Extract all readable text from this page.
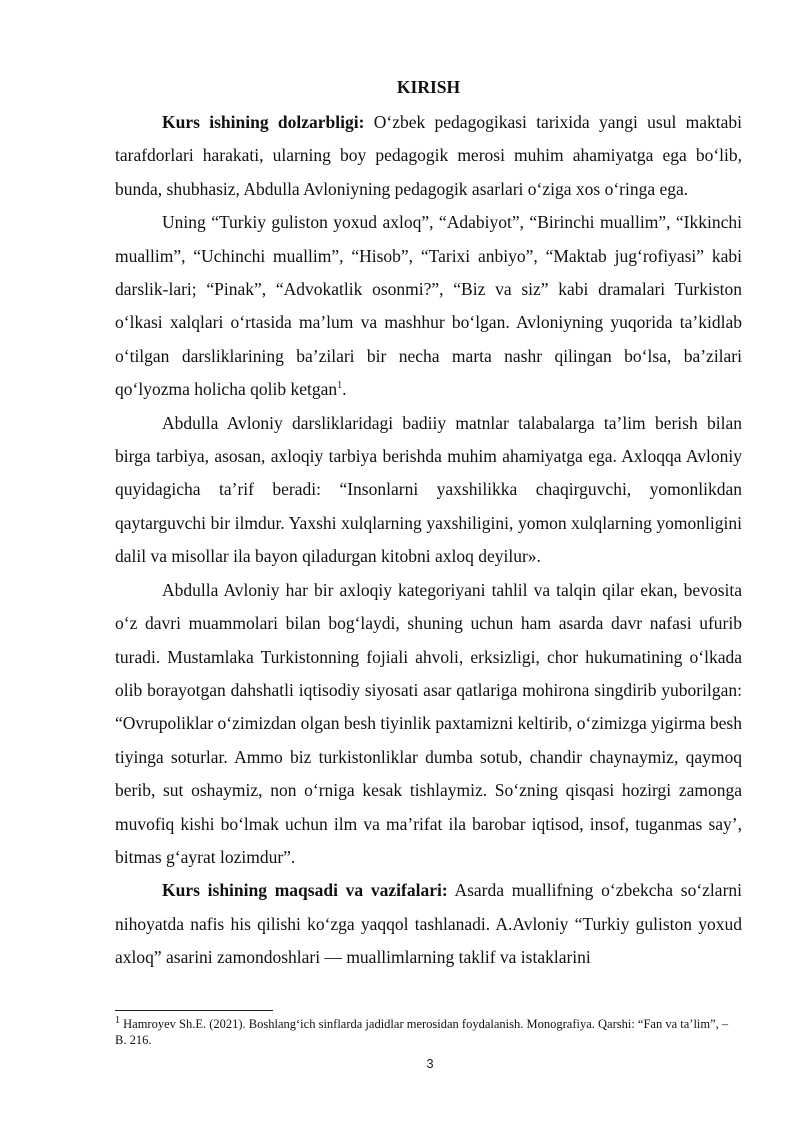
KIRISH

Kurs ishining dolzarbligi: O‘zbek pedagogikasi tarixida yangi usul maktabi tarafdorlari harakati, ularning boy pedagogik merosi muhim ahamiyatga ega bo‘lib, bunda, shubhasiz, Abdulla Avloniyning pedagogik asarlari o‘ziga xos o‘ringa ega.

Uning “Turkiy guliston yoxud axloq”, “Adabiyot”, “Birinchi muallim”, “Ikkinchi muallim”, “Uchinchi muallim”, “Hisob”, “Tarixi anbiyo”, “Maktab jug‘rofiyasi” kabi darslik-lari; “Pinak”, “Advokatlik osonmi?”, “Biz va siz” kabi dramalari Turkiston o‘lkasi xalqlari o‘rtasida ma’lum va mashhur bo‘lgan. Avloniyning yuqorida ta’kidlab o‘tilgan darsliklarining ba’zilari bir necha marta nashr qilingan bo‘lsa, ba’zilari qo‘lyozma holicha qolib ketgan$^1$.

Abdulla Avloniy darsliklaridagi badiiy matnlar talabalarga ta’lim berish bilan birga tarbiya, asosan, axloqiy tarbiya berishda muhim ahamiyatga ega. Axloqqa Avloniy quyidagicha ta’rif beradi: “Insonlarni yaxshilikka chaqirguvchi, yomonlikdan qaytarguvchi bir ilmdur. Yaxshi xulqlarning yaxshiligini, yomon xulqlarning yomonligini dalil va misollar ila bayon qiladurgan kitobni axloq deyilur».

Abdulla Avloniy har bir axloqiy kategoriyani tahlil va talqin qilar ekan, bevosita o‘z davri muammolari bilan bog‘laydi, shuning uchun ham asarda davr nafasi ufurib turadi. Mustamlaka Turkistonning fojiali ahvoli, erksizligi, chor hukumatining o‘lkada olib borayotgan dahshatli iqtisodiy siyosati asar qatlariga mohirona singdirib yuborilgan: “Ovrupoliklar o‘zimizdan olgan besh tiyinlik paxtamizni keltirib, o‘zimizga yigirma besh tiyinga soturlar. Ammo biz turkistonliklar dumba sotub, chandir chaynaymiz, qaymoq berib, sut oshaymiz, non o‘rniga kesak tishlaymiz. So‘zning qisqasi hozirgi zamonga muvofiq kishi bo‘lmak uchun ilm va ma’rifat ila barobar iqtisod, insof, tuganmas say’, bitmas g‘ayrat lozimdur”.

Kurs ishining maqsadi va vazifalari: Asarda muallifning o‘zbekcha so‘zlarni nihoyatda nafis his qilishi ko‘zga yaqqol tashlanadi. A.Avloniy “Turkiy guliston yoxud axloq” asarini zamondoshlari — muallimlarning taklif va istaklarini

$^1$ Hamroyev Sh.E. (2021). Boshlang‘ich sinflarda jadidlar merosidan foydalanish. Monografiya. Qarshi: “Fan va ta’lim”, – B. 216.
3
